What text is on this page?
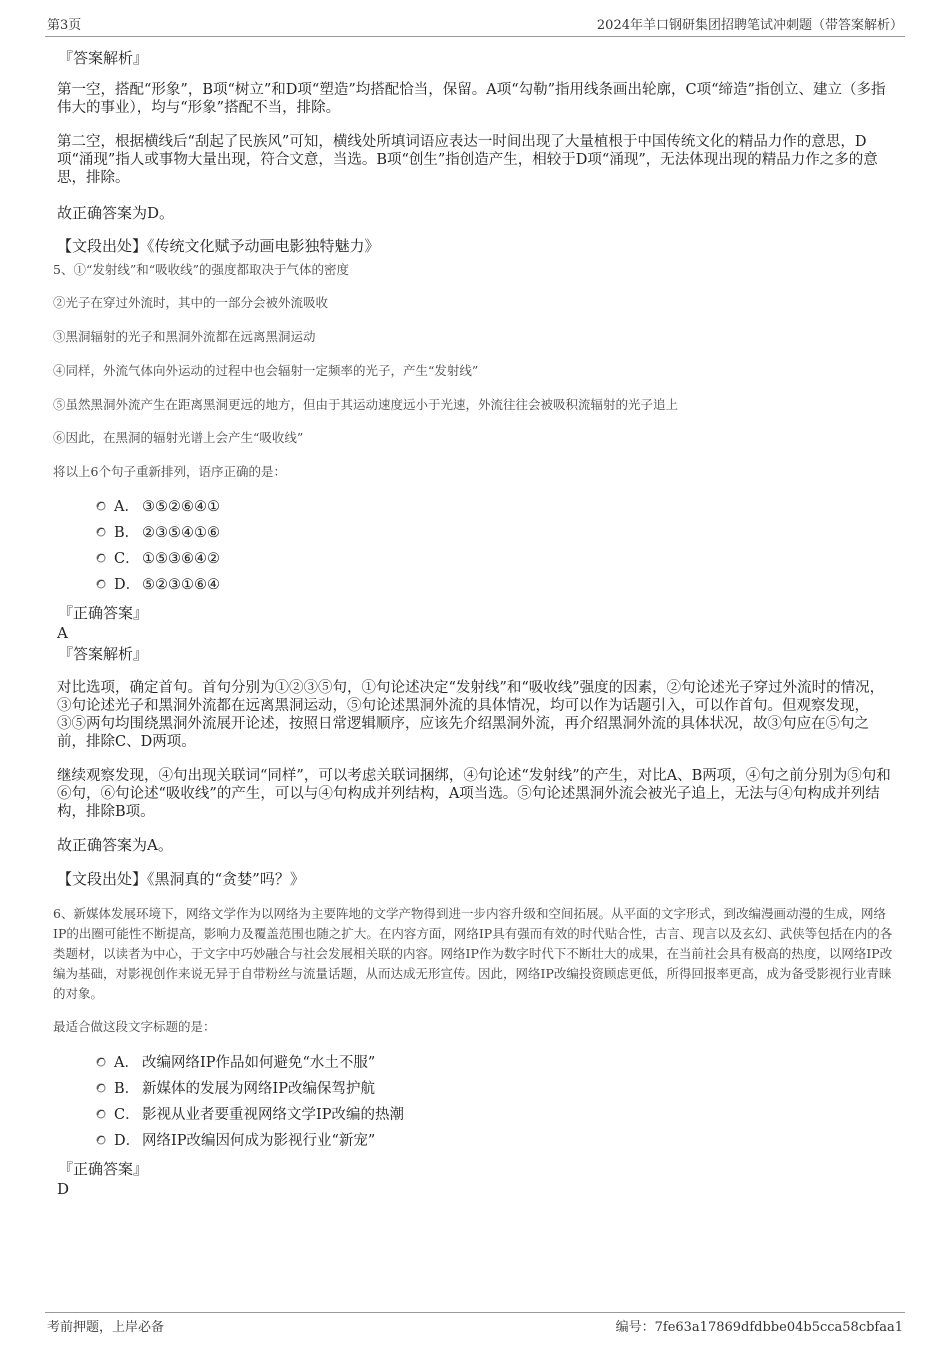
第3页	2024年羊口钢研集团招聘笔试冲刺题（带答案解析）
『答案解析』
第一空，搭配“形象”，B项“树立”和D项“塑造”均搭配恰当，保留。A项“勾勒”指用线条画出轮廓，C项“缔造”指创立、建立（多指伟大的事业），均与“形象”搭配不当，排除。
第二空，根据横线后“刮起了民族风”可知，横线处所填词语应表达一时间出现了大量植根于中国传统文化的精品力作的意思，D项“涌现”指人或事物大量出现，符合文意，当选。B项“创生”指创造产生，相较于D项“涌现”，无法体现出现的精品力作之多的意思，排除。
故正确答案为D。
【文段出处】《传统文化赋予动画电影独特魅力》
5、①“发射线”和“吸收线”的强度都取决于气体的密度
②光子在穿过外流时，其中的一部分会被外流吸收
③黑洞辐射的光子和黑洞外流都在远离黑洞运动
④同样，外流气体向外运动的过程中也会辐射一定频率的光子，产生“发射线”
⑤虽然黑洞外流产生在距离黑洞更远的地方，但由于其运动速度远小于光速，外流往往会被吸积流辐射的光子追上
⑥因此，在黑洞的辐射光谱上会产生“吸收线”
将以上6个句子重新排列，语序正确的是：
A． ③⑤②⑥④①
B． ②③⑤④①⑥
C． ①⑤③⑥④②
D． ⑤②③①⑥④
『正确答案』
A
『答案解析』
对比选项，确定首句。首句分别为①②③⑤句，①句论述决定“发射线”和“吸收线”强度的因素，②句论述光子穿过外流时的情况，③句论述光子和黑洞外流都在远离黑洞运动，⑤句论述黑洞外流的具体情况，均可以作为话题引入，可以作首句。但观察发现，③⑤两句均围绕黑洞外流展开论述，按照日常逻辑顺序，应该先介绍黑洞外流，再介绍黑洞外流的具体状况，故③句应在⑤句之前，排除C、D两项。
继续观察发现，④句出现关联词“同样”，可以考虑关联词捆绑，④句论述“发射线”的产生，对比A、B两项，④句之前分别为⑤句和⑥句，⑥句论述“吸收线”的产生，可以与④句构成并列结构，A项当选。⑤句论述黑洞外流会被光子追上，无法与④句构成并列结构，排除B项。
故正确答案为A。
【文段出处】《黑洞真的“贪婪”吗？》
6、新媒体发展环境下，网络文学作为以网络为主要阵地的文学产物得到进一步内容升级和空间拓展。从平面的文字形式，到改编漫画动漫的生成，网络IP的出圈可能性不断提高，影响力及覆盖范围也随之扩大。在内容方面，网络IP具有强而有效的时代贴合性，古言、现言以及玄幻、武侠等包括在内的各类题材，以读者为中心，于文字中巧妙融合与社会发展相关联的内容。网络IP作为数字时代下不断壮大的成果，在当前社会具有极高的热度，以网络IP改编为基础，对影视创作来说无异于自带粉丝与流量话题，从而达成无形宣传。因此，网络IP改编投资顾虑更低，所得回报率更高，成为备受影视行业青睐的对象。
最适合做这段文字标题的是：
A． 改编网络IP作品如何避免“水土不服”
B． 新媒体的发展为网络IP改编保驾护航
C． 影视从业者要重视网络文学IP改编的热潮
D． 网络IP改编因何成为影视行业“新宠”
『正确答案』
D
考前押题，上岸必备	编号：7fe63a17869dfdbbe04b5cca58cbfaa1
